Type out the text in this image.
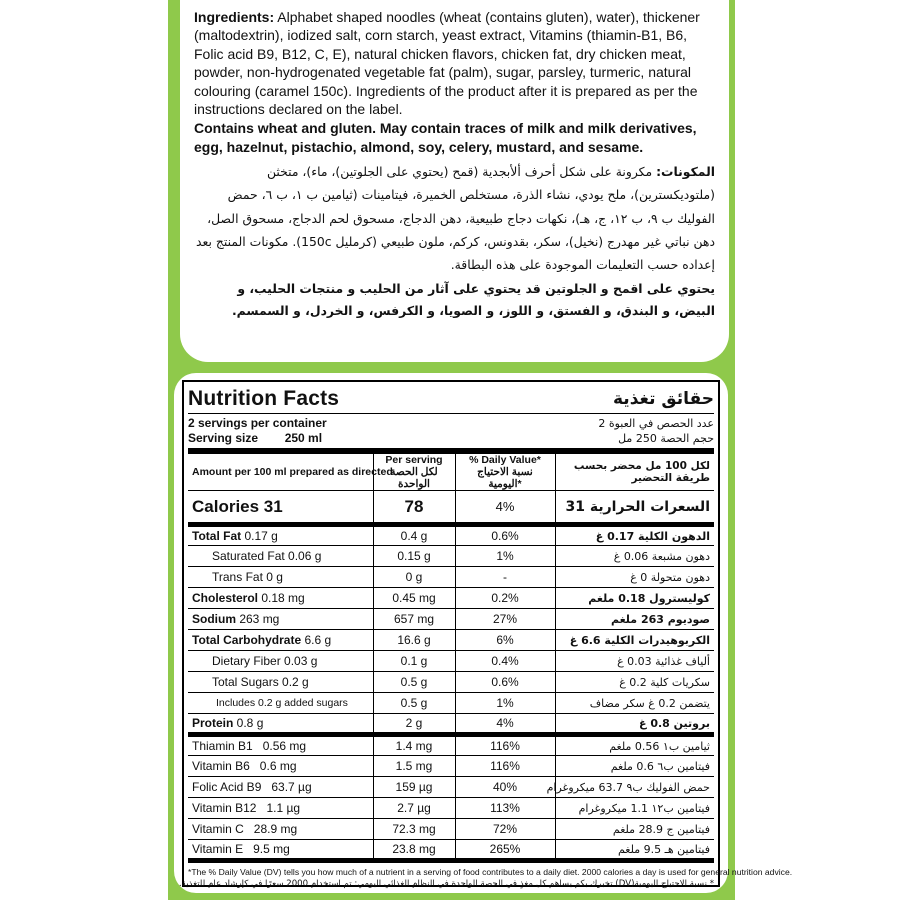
Ingredients: Alphabet shaped noodles (wheat (contains gluten), water), thickener (maltodextrin), iodized salt, corn starch, yeast extract, Vitamins (thiamin-B1, B6, Folic acid B9, B12, C, E), natural chicken flavors, chicken fat, dry chicken meat, powder, non-hydrogenated vegetable fat (palm), sugar, parsley, turmeric, natural colouring (caramel 150c). Ingredients of the product after it is prepared as per the instructions declared on the label.

Contains wheat and gluten. May contain traces of milk and milk derivatives, egg, hazelnut, pistachio, almond, soy, celery, mustard, and sesame.

المكونات: مكرونة على شكل أحرف ألأبجدية (قمح (يحتوي على الجلوتين)، ماء)، متخثن (ملتوديكسترين)، ملح يودي، نشاء الذرة، مستخلص الخميرة، فيتامينات (ثيامين ب ١، ب ٦، حمض الفوليك ب ٩، ب ١٢، ج، هـ)، نكهات دجاج طبيعية، دهن الدجاج، مسحوق لحم الدجاج، مسحوق الصل، دهن نباتي غير مهدرج (نخيل)، سكر، بقدونس، كركم، ملون طبيعي (كرمليل 150c). مكونات المنتج بعد إعداده حسب التعليمات الموجودة على هذه البطاقة.

يحتوي على اقمح و الجلوتين قد يحتوي على آثار من الحليب و منتجات الحليب، و البيض، و البندق، و الفستق، و اللوز، و الصويا، و الكرفس، و الخردل، و السمسم.

Nutrition Facts	حقائق تغذية
2 servings per container	عدد الحصص في العبوة 2
Serving size 250 ml	حجم الحصة 250 مل
Amount per 100 ml prepared as directed	Per serving لكل الحصة الواحدة	% Daily Value* نسبة الاحتياج اليومية*	لكل 100 مل محضر بحسب طريقة التحضير
Calories 31	78	4%	السعرات الحرارية 31
Total Fat 0.17 g	0.4 g	0.6%	الدهون الكلية 0.17 غ
Saturated Fat 0.06 g	0.15 g	1%	دهون مشبعة 0.06 غ
Trans Fat 0 g	0 g	-	دهون متحولة 0 غ
Cholesterol 0.18 mg	0.45 mg	0.2%	كوليسترول 0.18 ملغم
Sodium 263 mg	657 mg	27%	صوديوم 263 ملغم
Total Carbohydrate 6.6 g	16.6 g	6%	الكربوهيدرات الكلية 6.6 غ
Dietary Fiber 0.03 g	0.1 g	0.4%	ألياف غذائية 0.03 غ
Total Sugars 0.2 g	0.5 g	0.6%	سكريات كلية 0.2 غ
Includes 0.2 g added sugars	0.5 g	1%	يتضمن 0.2 غ سكر مضاف
Protein 0.8 g	2 g	4%	بروتين 0.8 غ
Thiamin B1   0.56 mg	1.4 mg	116%	ثيامين ب١ 0.56 ملغم
Vitamin B6   0.6 mg	1.5 mg	116%	فيتامين ب٦ 0.6 ملغم
Folic Acid B9   63.7 µg	159 µg	40%	حمض الفوليك ب٩ 63.7 ميكروغرام
Vitamin B12   1.1 µg	2.7 µg	113%	فيتامين ب١٢ 1.1 ميكروغرام
Vitamin C   28.9 mg	72.3 mg	72%	فيتامين ج 28.9 ملغم
Vitamin E   9.5 mg	23.8 mg	265%	فيتامين هـ 9.5 ملغم

*The % Daily Value (DV) tells you how much of a nutrient in a serving of food contributes to a daily diet. 2000 calories a day is used for general nutrition advice.

* نسبة الاحتياج اليومية(DV) تخبرك بكم يساهم كل مغذٍ في الحصة الواحدة في النظام الغذائي اليومي: تم استخدام 2000 سعرًا في كإرشاد عام للتغذية.
